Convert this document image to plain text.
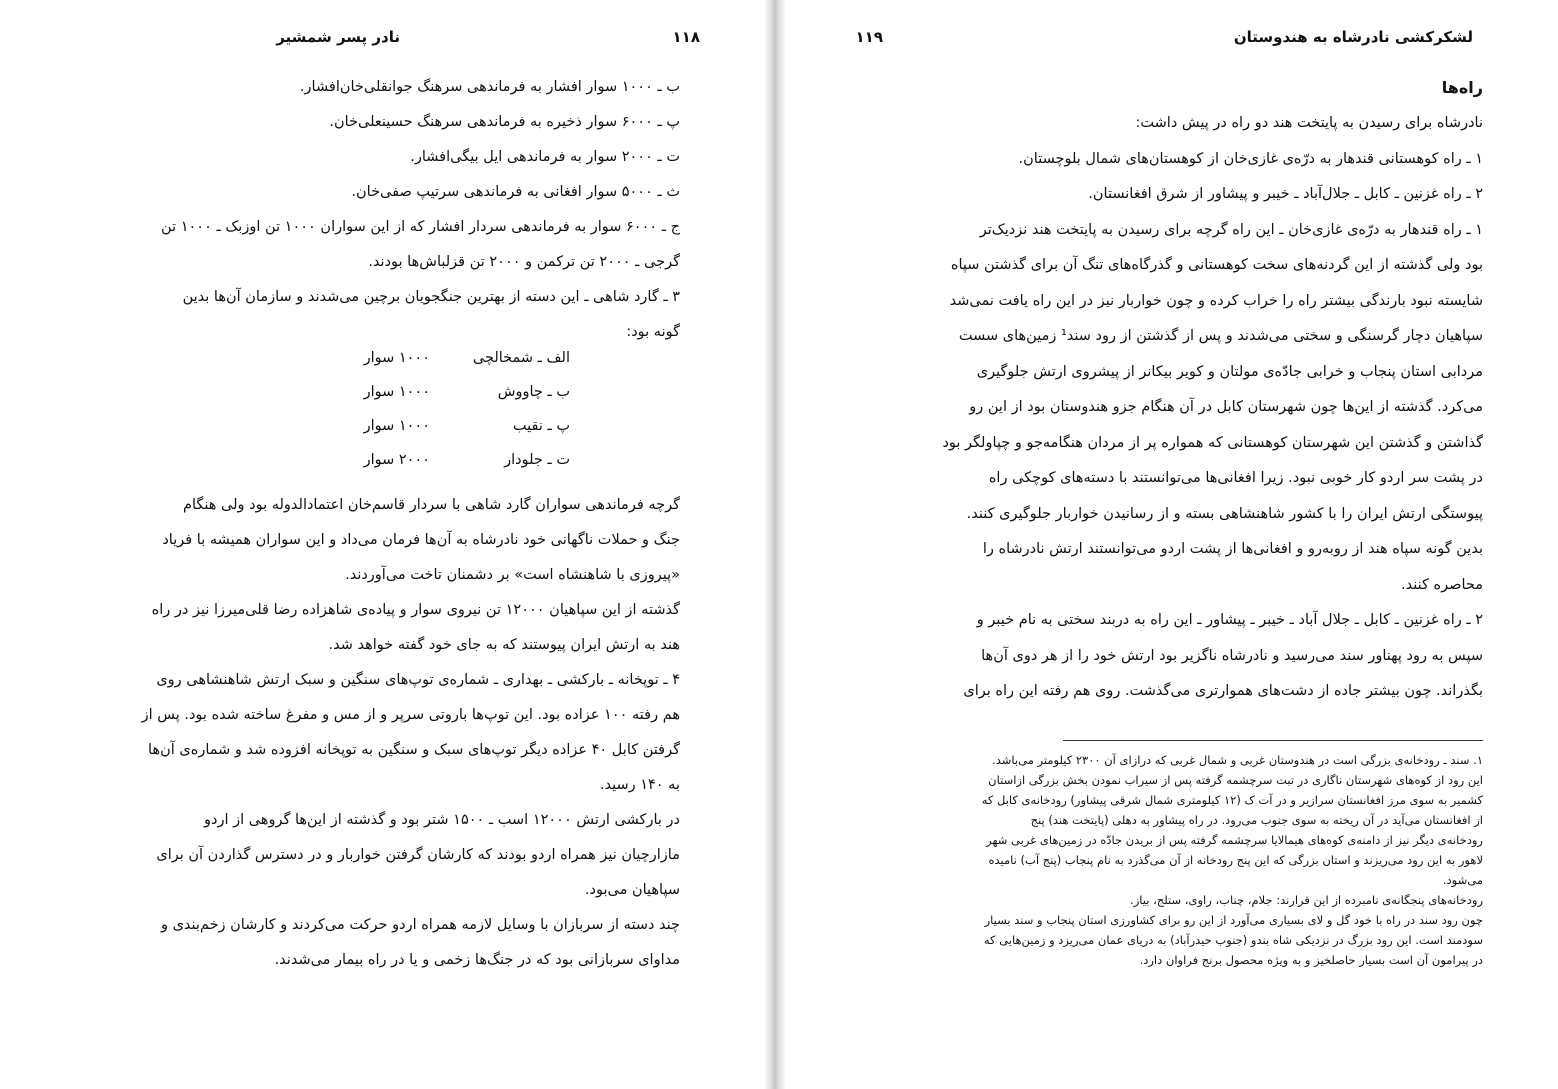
نادر پسر شمشیر	۱۱۸
ب ـ ۱۰۰۰ سوار افشار به فرماندهی سرهنگ جوانقلی‌خان‌افشار.
پ ـ ۶۰۰۰ سوار ذخیره به فرماندهی سرهنگ حسینعلی‌خان.
ت ـ ۲۰۰۰ سوار به فرماندهی ایل بیگی‌افشار.
ث ـ ۵۰۰۰ سوار افغانی به فرماندهی سرتیپ صفی‌خان.
ج ـ ۶۰۰۰ سوار به فرماندهی سردار افشار که از این سواران ۱۰۰۰ تن اوزبک ـ ۱۰۰۰ تن
گرجی ـ ۲۰۰۰ تن ترکمن و ۲۰۰۰ تن قزلباش‌ها بودند.
۳ ـ گارد شاهی ـ این دسته از بهترین جنگجویان برچین می‌شدند و سازمان آن‌ها بدین
گونه بود:
الف ـ شمخالچی
۱۰۰۰ سوار
ب ـ چاووش
۱۰۰۰ سوار
پ ـ نقیب
۱۰۰۰ سوار
ت ـ جلودار
۲۰۰۰ سوار
گرچه فرماندهی سواران گارد شاهی با سردار قاسم‌خان اعتمادالدوله بود ولی هنگام
جنگ و حملات ناگهانی خود نادرشاه به آن‌ها فرمان می‌داد و این سواران همیشه با فریاد
«پیروزی با شاهنشاه است» بر دشمنان تاخت می‌آوردند.
گذشته از این سپاهیان ۱۲۰۰۰ تن نیروی سوار و پیاده‌ی شاهزاده رضا قلی‌میرزا نیز در راه
هند به ارتش ایران پیوستند که به جای خود گفته خواهد شد.
۴ ـ توپخانه ـ بارکشی ـ بهداری ـ شماره‌ی توپ‌های سنگین و سبک ارتش شاهنشاهی روی
هم رفته ۱۰۰ عزاده بود. این توپ‌ها باروتی سرپر و از مس و مفرغ ساخته شده بود. پس از
گرفتن کابل ۴۰ عزاده دیگر توپ‌های سبک و سنگین به توپخانه افزوده شد و شماره‌ی آن‌ها
به ۱۴۰ رسید.
در بارکشی ارتش ۱۲۰۰۰ اسب ـ ۱۵۰۰ شتر بود و گذشته از این‌ها گروهی از اردو
مازارچیان نیز همراه اردو بودند که کارشان گرفتن خواربار و در دسترس گذاردن آن برای
سپاهیان می‌بود.
چند دسته از سربازان با وسایل لازمه همراه اردو حرکت می‌کردند و کارشان زخم‌بندی و
مداوای سربازانی بود که در جنگ‌ها زخمی و یا در راه بیمار می‌شدند.
لشکرکشی نادرشاه به هندوستان
۱۱۹
راه‌ها
نادرشاه برای رسیدن به پایتخت هند دو راه در پیش داشت:
۱ ـ راه کوهستانی قندهار به درّه‌ی غازی‌خان از کوهستان‌های شمال بلوچستان.
۲ ـ راه غزنین ـ کابل ـ جلال‌آباد ـ خیبر و پیشاور از شرق افغانستان.
۱ ـ راه قندهار به درّه‌ی غازی‌خان ـ این راه گرچه برای رسیدن به پایتخت هند نزدیک‌تر
بود ولی گذشته از این گردنه‌های سخت کوهستانی و گذرگاه‌های تنگ آن برای گذشتن سپاه
شایسته نبود بارندگی بیشتر راه را خراب کرده و چون خواربار نیز در این راه یافت نمی‌شد
سپاهیان دچار گرسنگی و سختی می‌شدند و پس از گذشتن از رود سند¹ زمین‌های سست
مردابی استان پنجاب و خرابی جادّه‌ی مولتان و کویر بیکانر از پیشروی ارتش جلوگیری
می‌کرد. گذشته از این‌ها چون شهرستان کابل در آن هنگام جزو هندوستان بود از این رو
گذاشتن و گذشتن این شهرستان کوهستانی که همواره پر از مردان هنگامه‌جو و چپاولگر بود
در پشت سر اردو کار خوبی نبود. زیرا افغانی‌ها می‌توانستند با دسته‌های کوچکی راه
پیوستگی ارتش ایران را با کشور شاهنشاهی بسته و از رسانیدن خواربار جلوگیری کنند.
بدین گونه سپاه هند از روبه‌رو و افغانی‌ها از پشت اردو می‌توانستند ارتش نادرشاه را
محاصره کنند.
۲ ـ راه غزنین ـ کابل ـ جلال آباد ـ خیبر ـ پیشاور ـ این راه به دربند سختی به نام خیبر و
سپس به رود پهناور سند می‌رسید و نادرشاه ناگزیر بود ارتش خود را از هر دوی آن‌ها
بگذراند. چون بیشتر جاده از دشت‌های هموارتری می‌گذشت. روی هم رفته این راه برای
۱. سند ـ رودخانه‌ی بزرگی است در هندوستان غربی و شمال غربی که درازای آن ۲۳۰۰ کیلومتر می‌باشد.
این رود از کوه‌های شهرستان ناگاری در تبت سرچشمه گرفته پس از سیراب نمودن بخش بزرگی ازاستان
کشمیر به سوی مرز افغانستان سرازیر و در آت ک (۱۲ کیلومتری شمال شرقی پیشاور) رودخانه‌ی کابل که
از افغانستان می‌آید در آن ریخته به سوی جنوب می‌رود. در راه پیشاور به دهلی (پایتخت هند) پنج
رودخانه‌ی دیگر نیز از دامنه‌ی کوه‌های هیمالایا سرچشمه گرفته پس از بریدن جادّه در زمین‌های غربی شهر
لاهور به این رود می‌ریزند و استان بزرگی که این پنج رودخانه از آن می‌گذرد به نام پنجاب (پنج آب) نامیده
می‌شود.
رودخانه‌های پنجگانه‌ی نامبرده از این قرارند: جلام، چناب، راوی، ستلج، بیاز.
چون رود سند در راه با خود گل و لای بسیاری می‌آورد از این رو برای کشاورزی استان پنجاب و سند بسیار
سودمند است. این رود بزرگ در نزدیکی شاه بندو (جنوب حیدرآباد) به دریای عمان می‌ریزد و زمین‌هایی که
در پیرامون آن است بسیار حاصلخیز و به ویژه محصول برنج فراوان دارد.
